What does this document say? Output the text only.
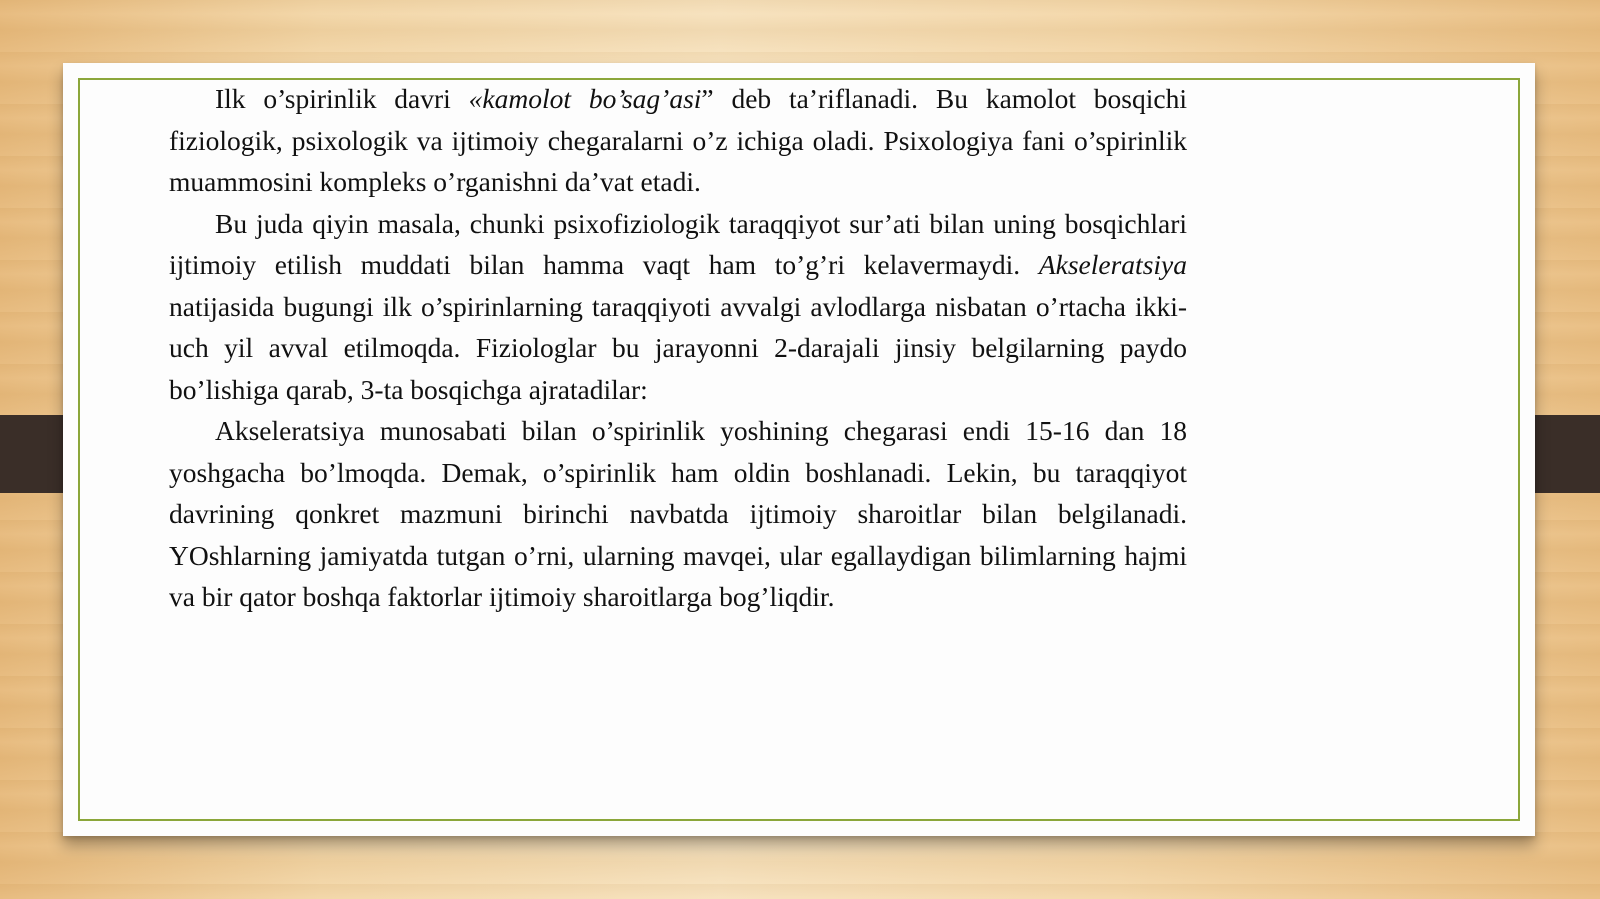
Ilk o’spirinlik davri «kamolot bo’sag’asi” deb ta’riflanadi. Bu kamolot bosqichi fiziologik, psixologik va ijtimoiy chegaralarni o’z ichiga oladi. Psixologiya fani o’spirinlik muammosini kompleks o’rganishni da’vat etadi.

Bu juda qiyin masala, chunki psixofiziologik taraqqiyot sur’ati bilan uning bosqichlari ijtimoiy etilish muddati bilan hamma vaqt ham to’g’ri kelavermaydi. Akseleratsiya natijasida bugungi ilk o’spirinlarning taraqqiyoti avvalgi avlodlarga nisbatan o’rtacha ikki-uch yil avval etilmoqda. Fiziologlar bu jarayonni 2-darajali jinsiy belgilarning paydo bo’lishiga qarab, 3-ta bosqichga ajratadilar:

Akseleratsiya munosabati bilan o’spirinlik yoshining chegarasi endi 15-16 dan 18 yoshgacha bo’lmoqda. Demak, o’spirinlik ham oldin boshlanadi. Lekin, bu taraqqiyot davrining qonkret mazmuni birinchi navbatda ijtimoiy sharoitlar bilan belgilanadi. YOshlarning jamiyatda tutgan o’rni, ularning mavqei, ular egallaydigan bilimlarning hajmi va bir qator boshqa faktorlar ijtimoiy sharoitlarga bog’liqdir.
